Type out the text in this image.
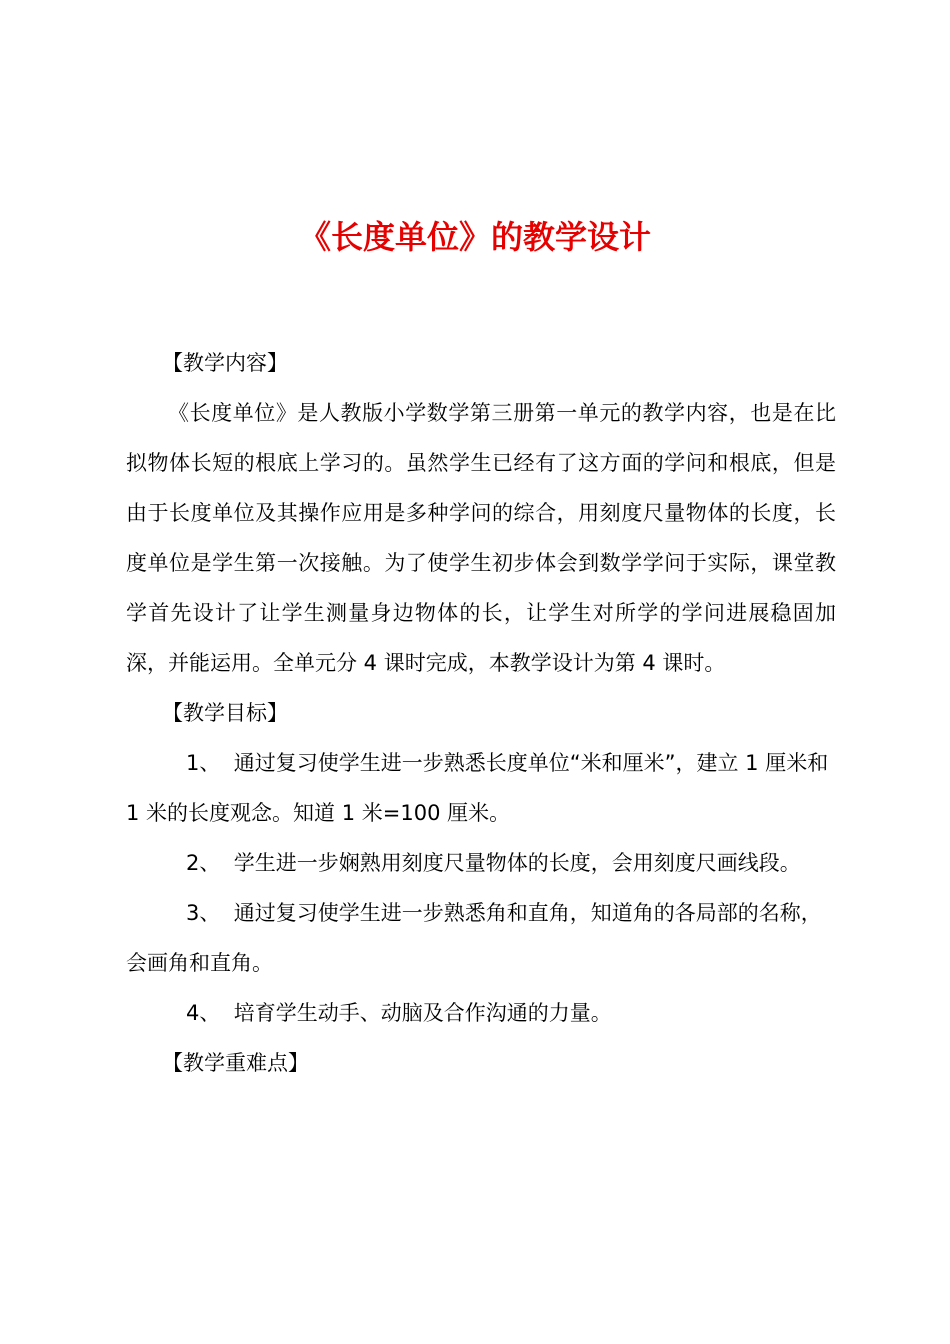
《长度单位》的教学设计

【教学内容】

《长度单位》是人教版小学数学第三册第一单元的教学内容，也是在比拟物体长短的根底上学习的。虽然学生已经有了这方面的学问和根底，但是由于长度单位及其操作应用是多种学问的综合，用刻度尺量物体的长度，长度单位是学生第一次接触。为了使学生初步体会到数学学问于实际，课堂教学首先设计了让学生测量身边物体的长，让学生对所学的学问进展稳固加深，并能运用。全单元分 4 课时完成，本教学设计为第 4 课时。

【教学目标】

1、 通过复习使学生进一步熟悉长度单位“米和厘米”，建立 1 厘米和 1 米的长度观念。知道 1 米=100 厘米。

2、 学生进一步娴熟用刻度尺量物体的长度，会用刻度尺画线段。

3、 通过复习使学生进一步熟悉角和直角，知道角的各局部的名称，会画角和直角。

4、 培育学生动手、动脑及合作沟通的力量。

【教学重难点】
